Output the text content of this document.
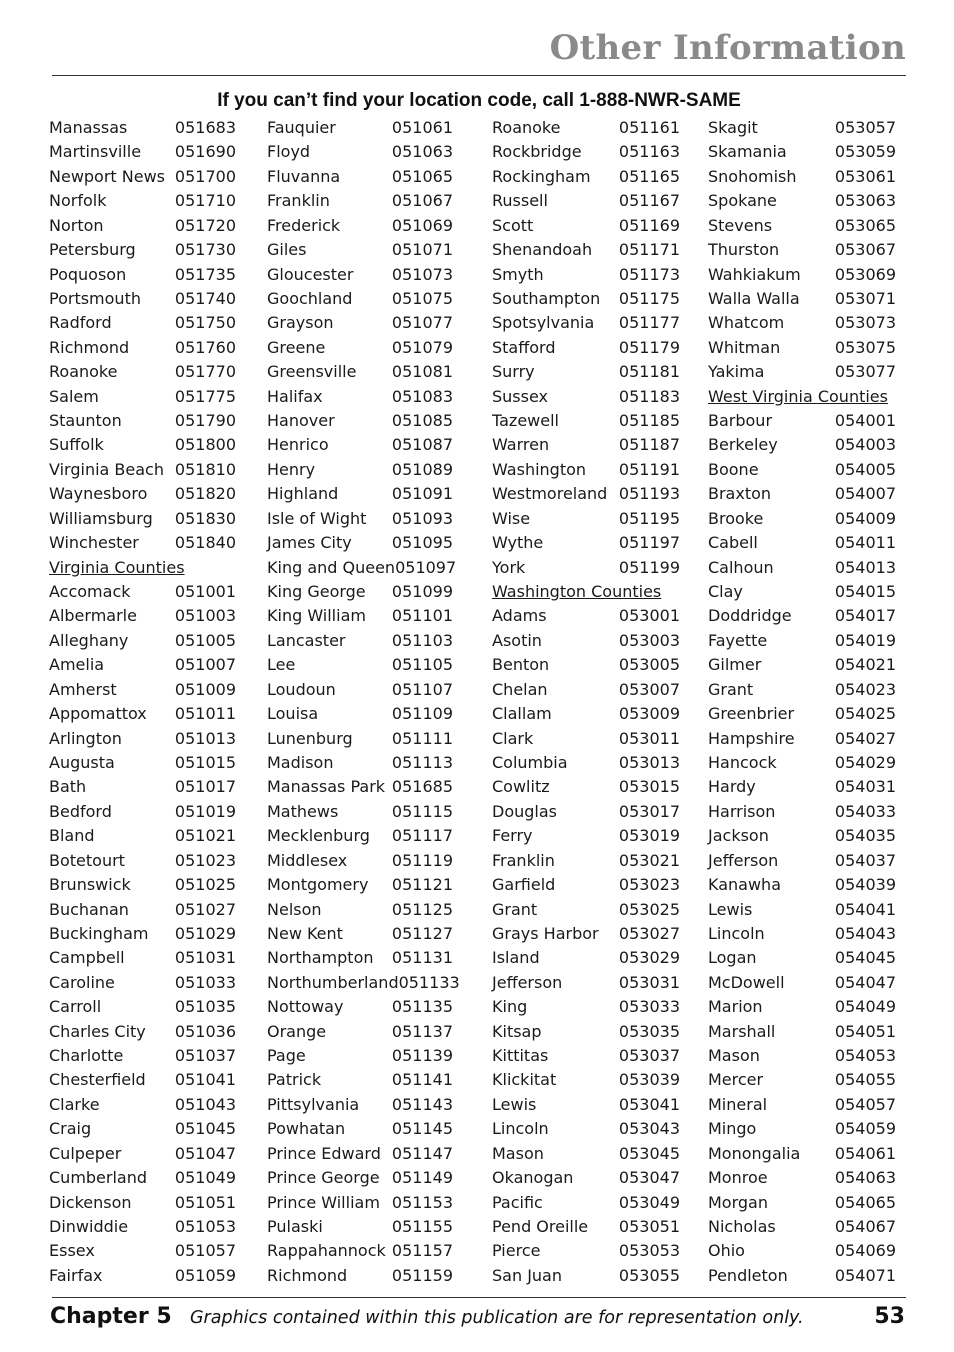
Other Information
If you can’t find your location code, call 1-888-NWR-SAME
Manassas	051683
Martinsville 051690
Newport News 051700
Norfolk	051710
Norton	051720
Petersburg 051730
Poquoson	051735
Portsmouth 051740
Radford	051750
Richmond	051760
Roanoke	051770
Salem	051775
Staunton	051790
Suffolk	051800
Virginia Beach 051810
Waynesboro 051820
Williamsburg 051830
Winchester 051840
Virginia Counties
Accomack	051001
Albermarle 051003
Alleghany	051005
Amelia	051007
Amherst	051009
Appomattox 051011
Arlington	051013
Augusta	051015
Bath	051017
Bedford	051019
Bland	051021
Botetourt	051023
Brunswick	051025
Buchanan	051027
Buckingham 051029
Campbell	051031
Caroline	051033
Carroll	051035
Charles City 051036
Charlotte	051037
Chesterfield 051041
Clarke	051043
Craig	051045
Culpeper	051047
Cumberland 051049
Dickenson	051051
Dinwiddie	051053
Essex	051057
Fairfax	051059
Fauquier	051061
Floyd	051063
Fluvanna	051065
Franklin	051067
Frederick	051069
Giles	051071
Gloucester 051073
Goochland 051075
Grayson	051077
Greene	051079
Greensville 051081
Halifax	051083
Hanover	051085
Henrico	051087
Henry	051089
Highland	051091
Isle of Wight 051093
James City	051095
King and Queen 051097
King George 051099
King William 051101
Lancaster	051103
Lee	051105
Loudoun	051107
Louisa	051109
Lunenburg 051111
Madison	051113
Manassas Park 051685
Mathews	051115
Mecklenburg 051117
Middlesex	051119
Montgomery 051121
Nelson	051125
New Kent	051127
Northampton 051131
Northumberland 051133
Nottoway	051135
Orange	051137
Page	051139
Patrick	051141
Pittsylvania 051143
Powhatan	051145
Prince Edward 051147
Prince George 051149
Prince William 051153
Pulaski	051155
Rappahannock 051157
Richmond	051159
Roanoke	051161
Rockbridge 051163
Rockingham 051165
Russell	051167
Scott	051169
Shenandoah 051171
Smyth	051173
Southampton 051175
Spotsylvania 051177
Stafford	051179
Surry	051181
Sussex	051183
Tazewell	051185
Warren	051187
Washington 051191
Westmoreland 051193
Wise	051195
Wythe	051197
York	051199
Washington Counties
Adams	053001
Asotin	053003
Benton	053005
Chelan	053007
Clallam	053009
Clark	053011
Columbia	053013
Cowlitz	053015
Douglas	053017
Ferry	053019
Franklin	053021
Garfield	053023
Grant	053025
Grays Harbor 053027
Island	053029
Jefferson	053031
King	053033
Kitsap	053035
Kittitas	053037
Klickitat	053039
Lewis	053041
Lincoln	053043
Mason	053045
Okanogan	053047
Pacific	053049
Pend Oreille 053051
Pierce	053053
San Juan	053055
Skagit	053057
Skamania	053059
Snohomish 053061
Spokane	053063
Stevens	053065
Thurston	053067
Wahkiakum 053069
Walla Walla 053071
Whatcom	053073
Whitman	053075
Yakima	053077
West Virginia Counties
Barbour	054001
Berkeley	054003
Boone	054005
Braxton	054007
Brooke	054009
Cabell	054011
Calhoun	054013
Clay	054015
Doddridge	054017
Fayette	054019
Gilmer	054021
Grant	054023
Greenbrier	054025
Hampshire	054027
Hancock	054029
Hardy	054031
Harrison	054033
Jackson	054035
Jefferson	054037
Kanawha	054039
Lewis	054041
Lincoln	054043
Logan	054045
McDowell	054047
Marion	054049
Marshall	054051
Mason	054053
Mercer	054055
Mineral	054057
Mingo	054059
Monongalia 054061
Monroe	054063
Morgan	054065
Nicholas	054067
Ohio	054069
Pendleton	054071
Chapter 5 Graphics contained within this publication are for representation only.	53
